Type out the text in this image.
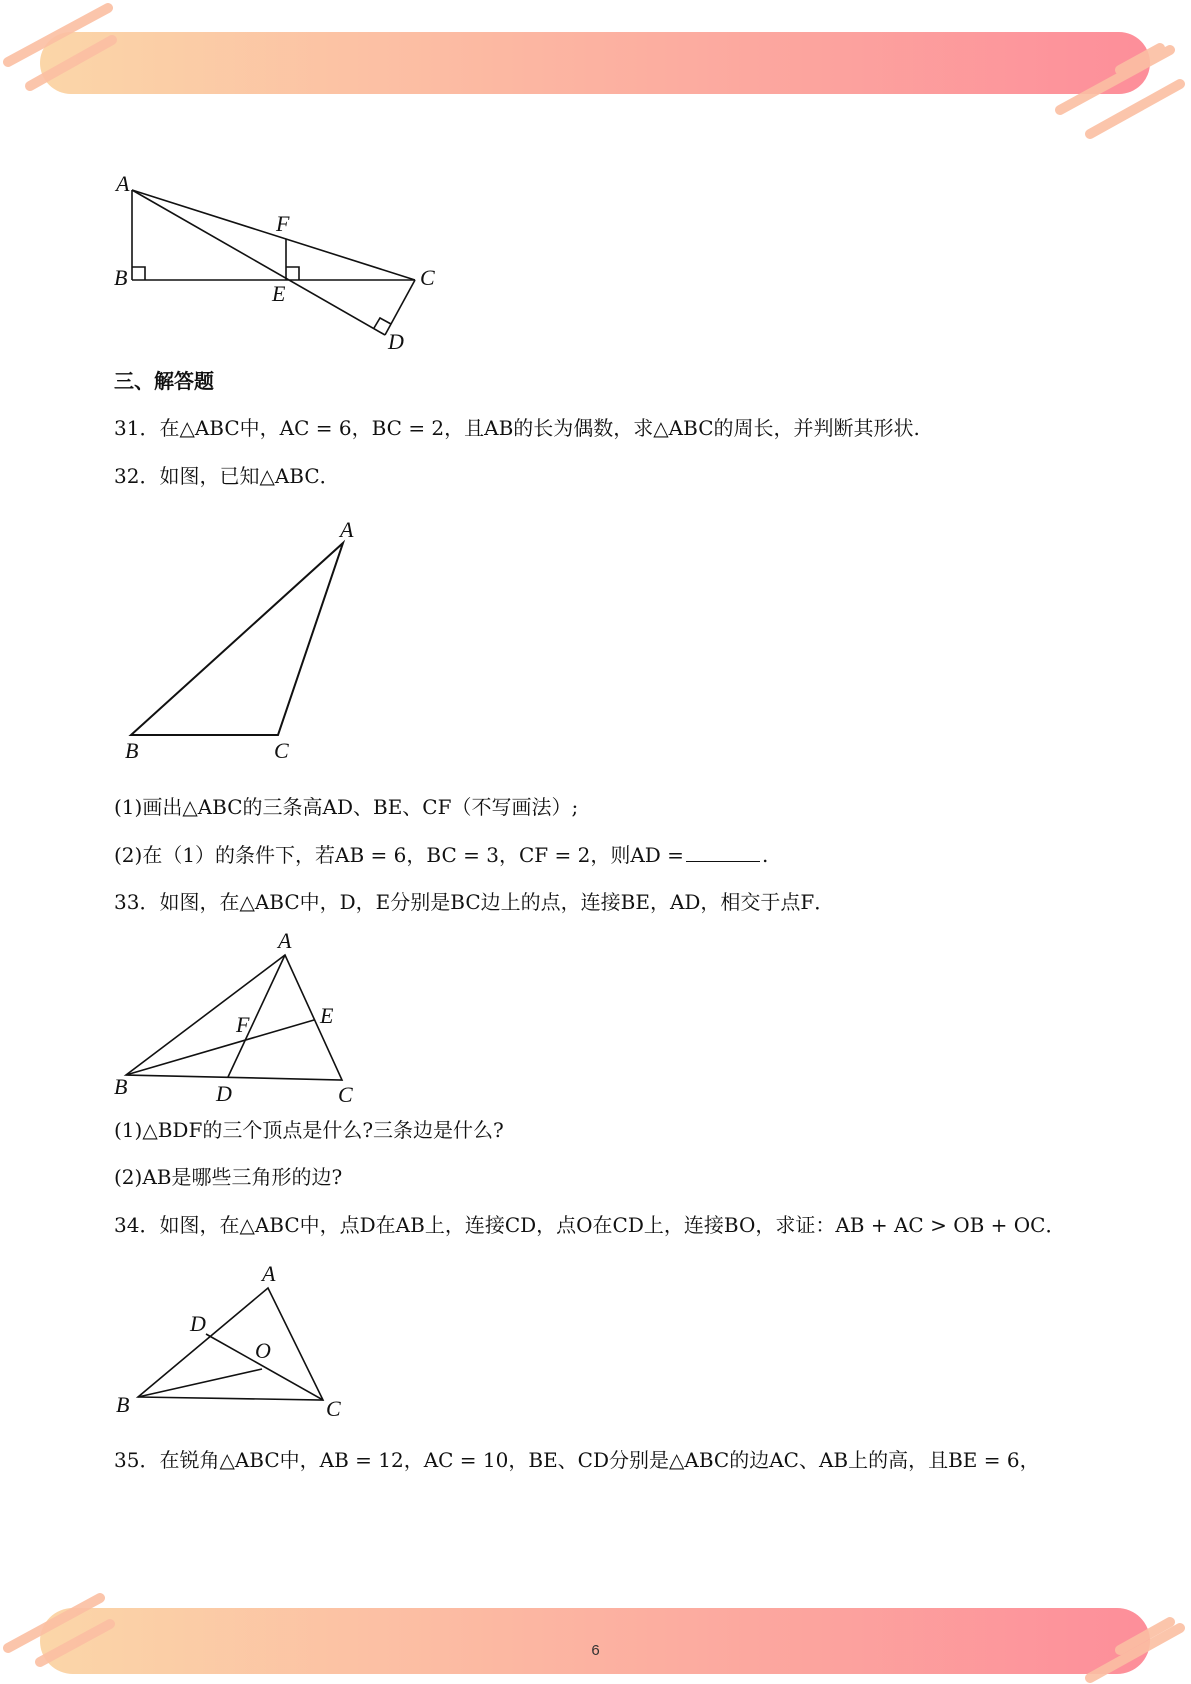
A
F
B
E
C
D
三、解答题
31．在△ABC中，AC = 6，BC = 2，且AB的长为偶数，求△ABC的周长，并判断其形状.
32．如图，已知△ABC．
A
B	C
(1)画出△ABC的三条高AD、BE、CF（不写画法）;
(2)在（1）的条件下，若AB = 6，BC = 3，CF = 2，则AD =	.
33．如图，在△ABC中，D，E分别是BC边上的点，连接BE，AD，相交于点F．
A
F	E
B	D	C
(1)△BDF的三个顶点是什么?三条边是什么?
(2)AB是哪些三角形的边?
34．如图，在△ABC中，点D在AB上，连接CD，点O在CD上，连接BO，求证：AB + AC > OB + OC．
A
D
O
B	C
35．在锐角△ABC中，AB = 12，AC = 10，BE、CD分别是△ABC的边AC、AB上的高，且BE = 6，
6
